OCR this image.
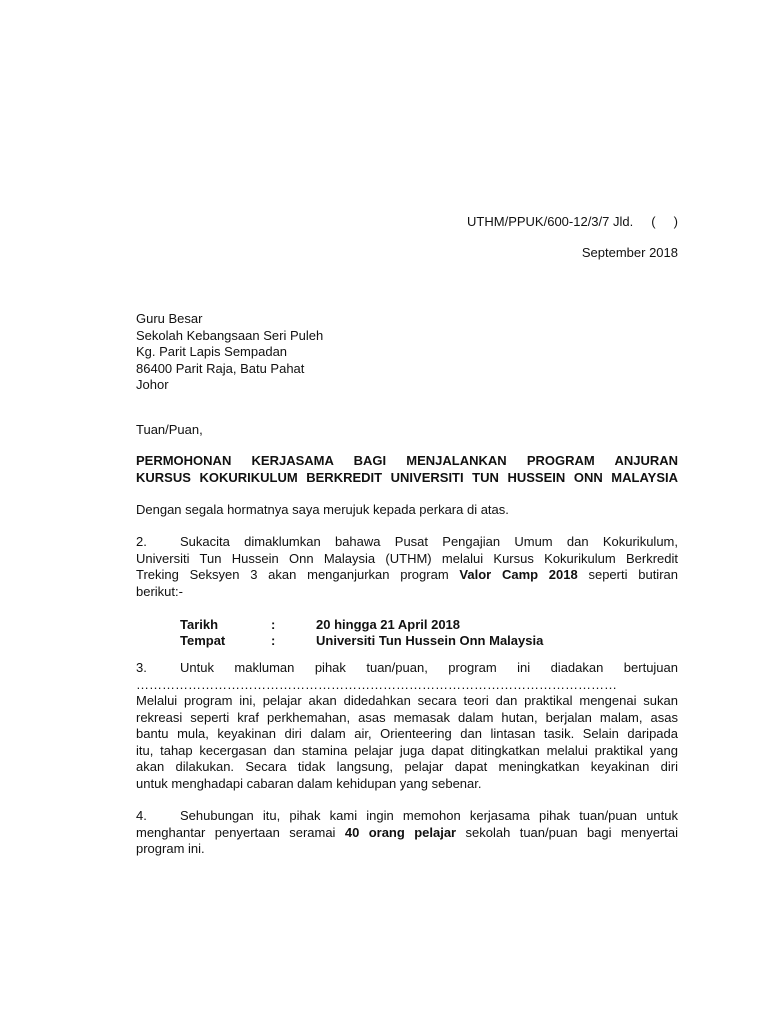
UTHM/PPUK/600-12/3/7 Jld.     (     )
September 2018
Guru Besar
Sekolah Kebangsaan Seri Puleh
Kg. Parit Lapis Sempadan
86400 Parit Raja, Batu Pahat
Johor
Tuan/Puan,
PERMOHONAN KERJASAMA BAGI MENJALANKAN PROGRAM ANJURAN
KURSUS KOKURIKULUM BERKREDIT UNIVERSITI TUN HUSSEIN ONN MALAYSIA
Dengan segala hormatnya saya merujuk kepada perkara di atas.
2.	Sukacita dimaklumkan bahawa Pusat Pengajian Umum dan Kokurikulum,
Universiti Tun Hussein Onn Malaysia (UTHM) melalui Kursus Kokurikulum Berkredit
Treking Seksyen 3 akan menganjurkan program Valor Camp 2018 seperti butiran
berikut:-
Tarikh	:	20 hingga 21 April 2018
Tempat	:	Universiti Tun Hussein Onn Malaysia
3.	Untuk makluman pihak tuan/puan, program ini diadakan bertujuan
…………………………………………………………………………………………………
Melalui program ini, pelajar akan didedahkan secara teori dan praktikal mengenai sukan
rekreasi seperti kraf perkhemahan, asas memasak dalam hutan, berjalan malam, asas
bantu mula, keyakinan diri dalam air, Orienteering dan lintasan tasik. Selain daripada
itu, tahap kecergasan dan stamina pelajar juga dapat ditingkatkan melalui praktikal yang
akan dilakukan. Secara tidak langsung, pelajar dapat meningkatkan keyakinan diri
untuk menghadapi cabaran dalam kehidupan yang sebenar.
4.	Sehubungan itu, pihak kami ingin memohon kerjasama pihak tuan/puan untuk
menghantar penyertaan seramai 40 orang pelajar sekolah tuan/puan bagi menyertai
program ini.
